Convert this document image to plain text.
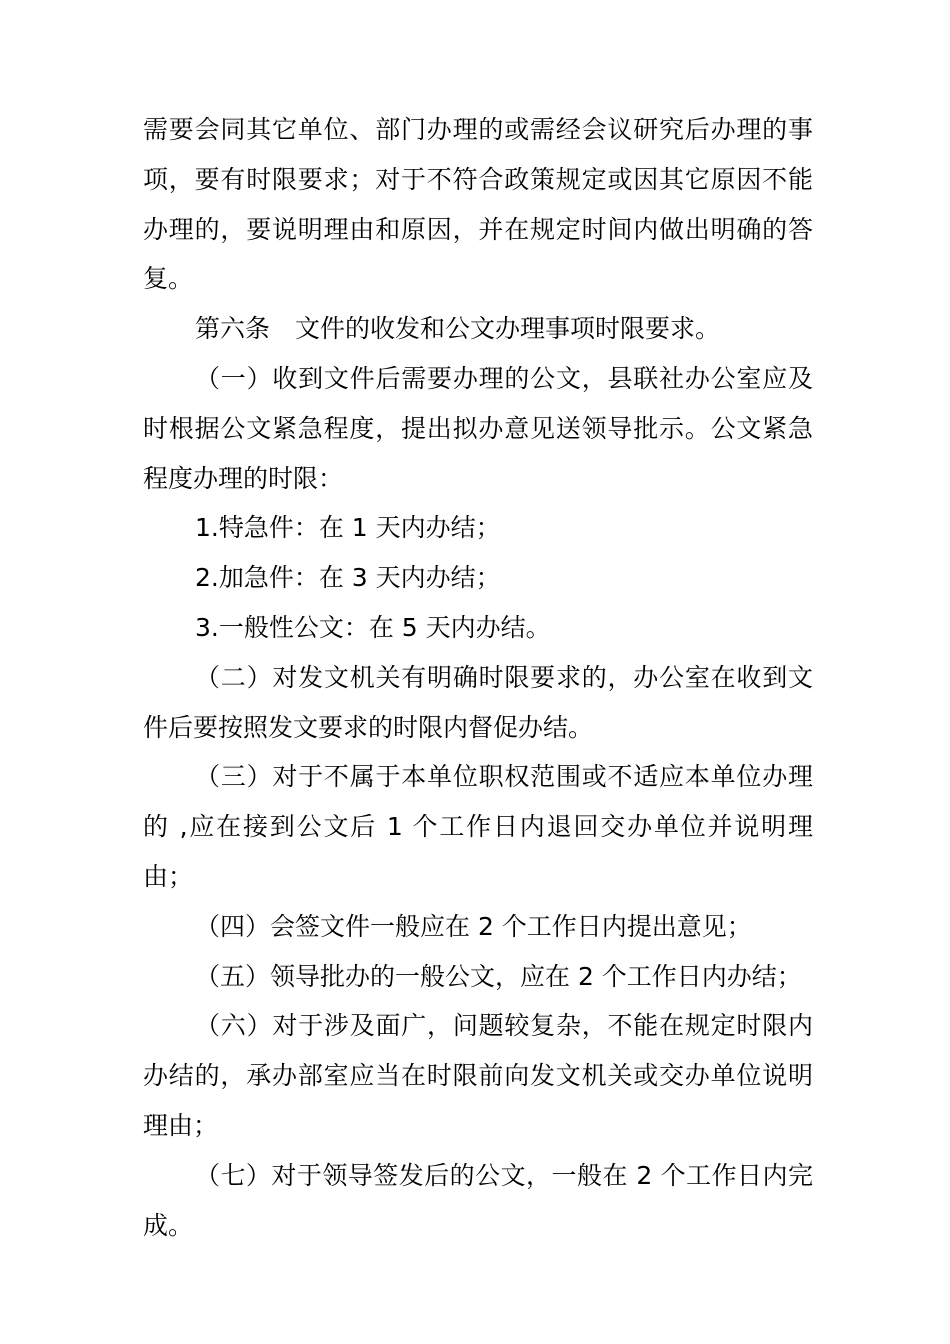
需要会同其它单位、部门办理的或需经会议研究后办理的事项，要有时限要求；对于不符合政策规定或因其它原因不能办理的，要说明理由和原因，并在规定时间内做出明确的答复。

第六条　文件的收发和公文办理事项时限要求。

（一）收到文件后需要办理的公文，县联社办公室应及时根据公文紧急程度，提出拟办意见送领导批示。公文紧急程度办理的时限：

1.特急件：在 1 天内办结；

2.加急件：在 3 天内办结；

3.一般性公文：在 5 天内办结。

（二）对发文机关有明确时限要求的，办公室在收到文件后要按照发文要求的时限内督促办结。

（三）对于不属于本单位职权范围或不适应本单位办理的 ,应在接到公文后 1 个工作日内退回交办单位并说明理由；

（四）会签文件一般应在 2 个工作日内提出意见；

（五）领导批办的一般公文，应在 2 个工作日内办结；

（六）对于涉及面广，问题较复杂，不能在规定时限内办结的，承办部室应当在时限前向发文机关或交办单位说明理由；

（七）对于领导签发后的公文，一般在 2 个工作日内完成。
